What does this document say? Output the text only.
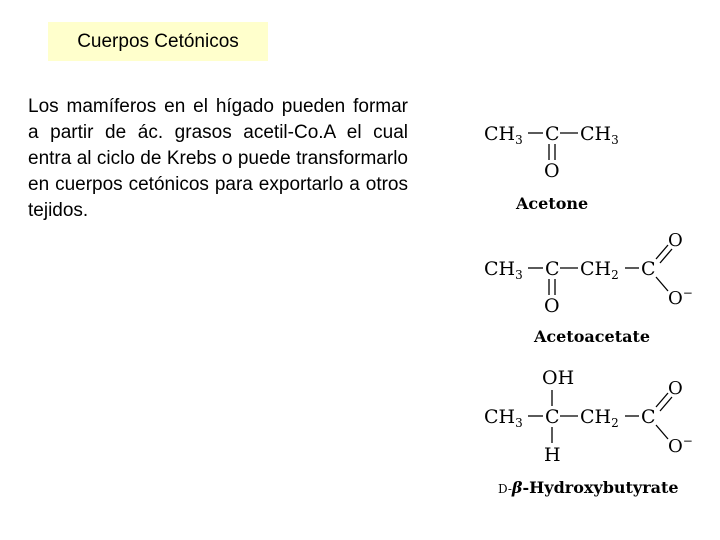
Cuerpos Cetónicos

Los mamíferos en el hígado pueden formar a partir de ác. grasos acetil-Co.A el cual entra al ciclo de Krebs o puede transformarlo en cuerpos cetónicos para exportarlo a otros tejidos.

$CH_3$ C $CH_3$
O
Acetone
$CH_3$ C $CH_2$ C
O
O−
O
Acetoacetate
OH
$CH_3$ C $CH_2$ C
O
O−
H
D-β-Hydroxybutyrate
